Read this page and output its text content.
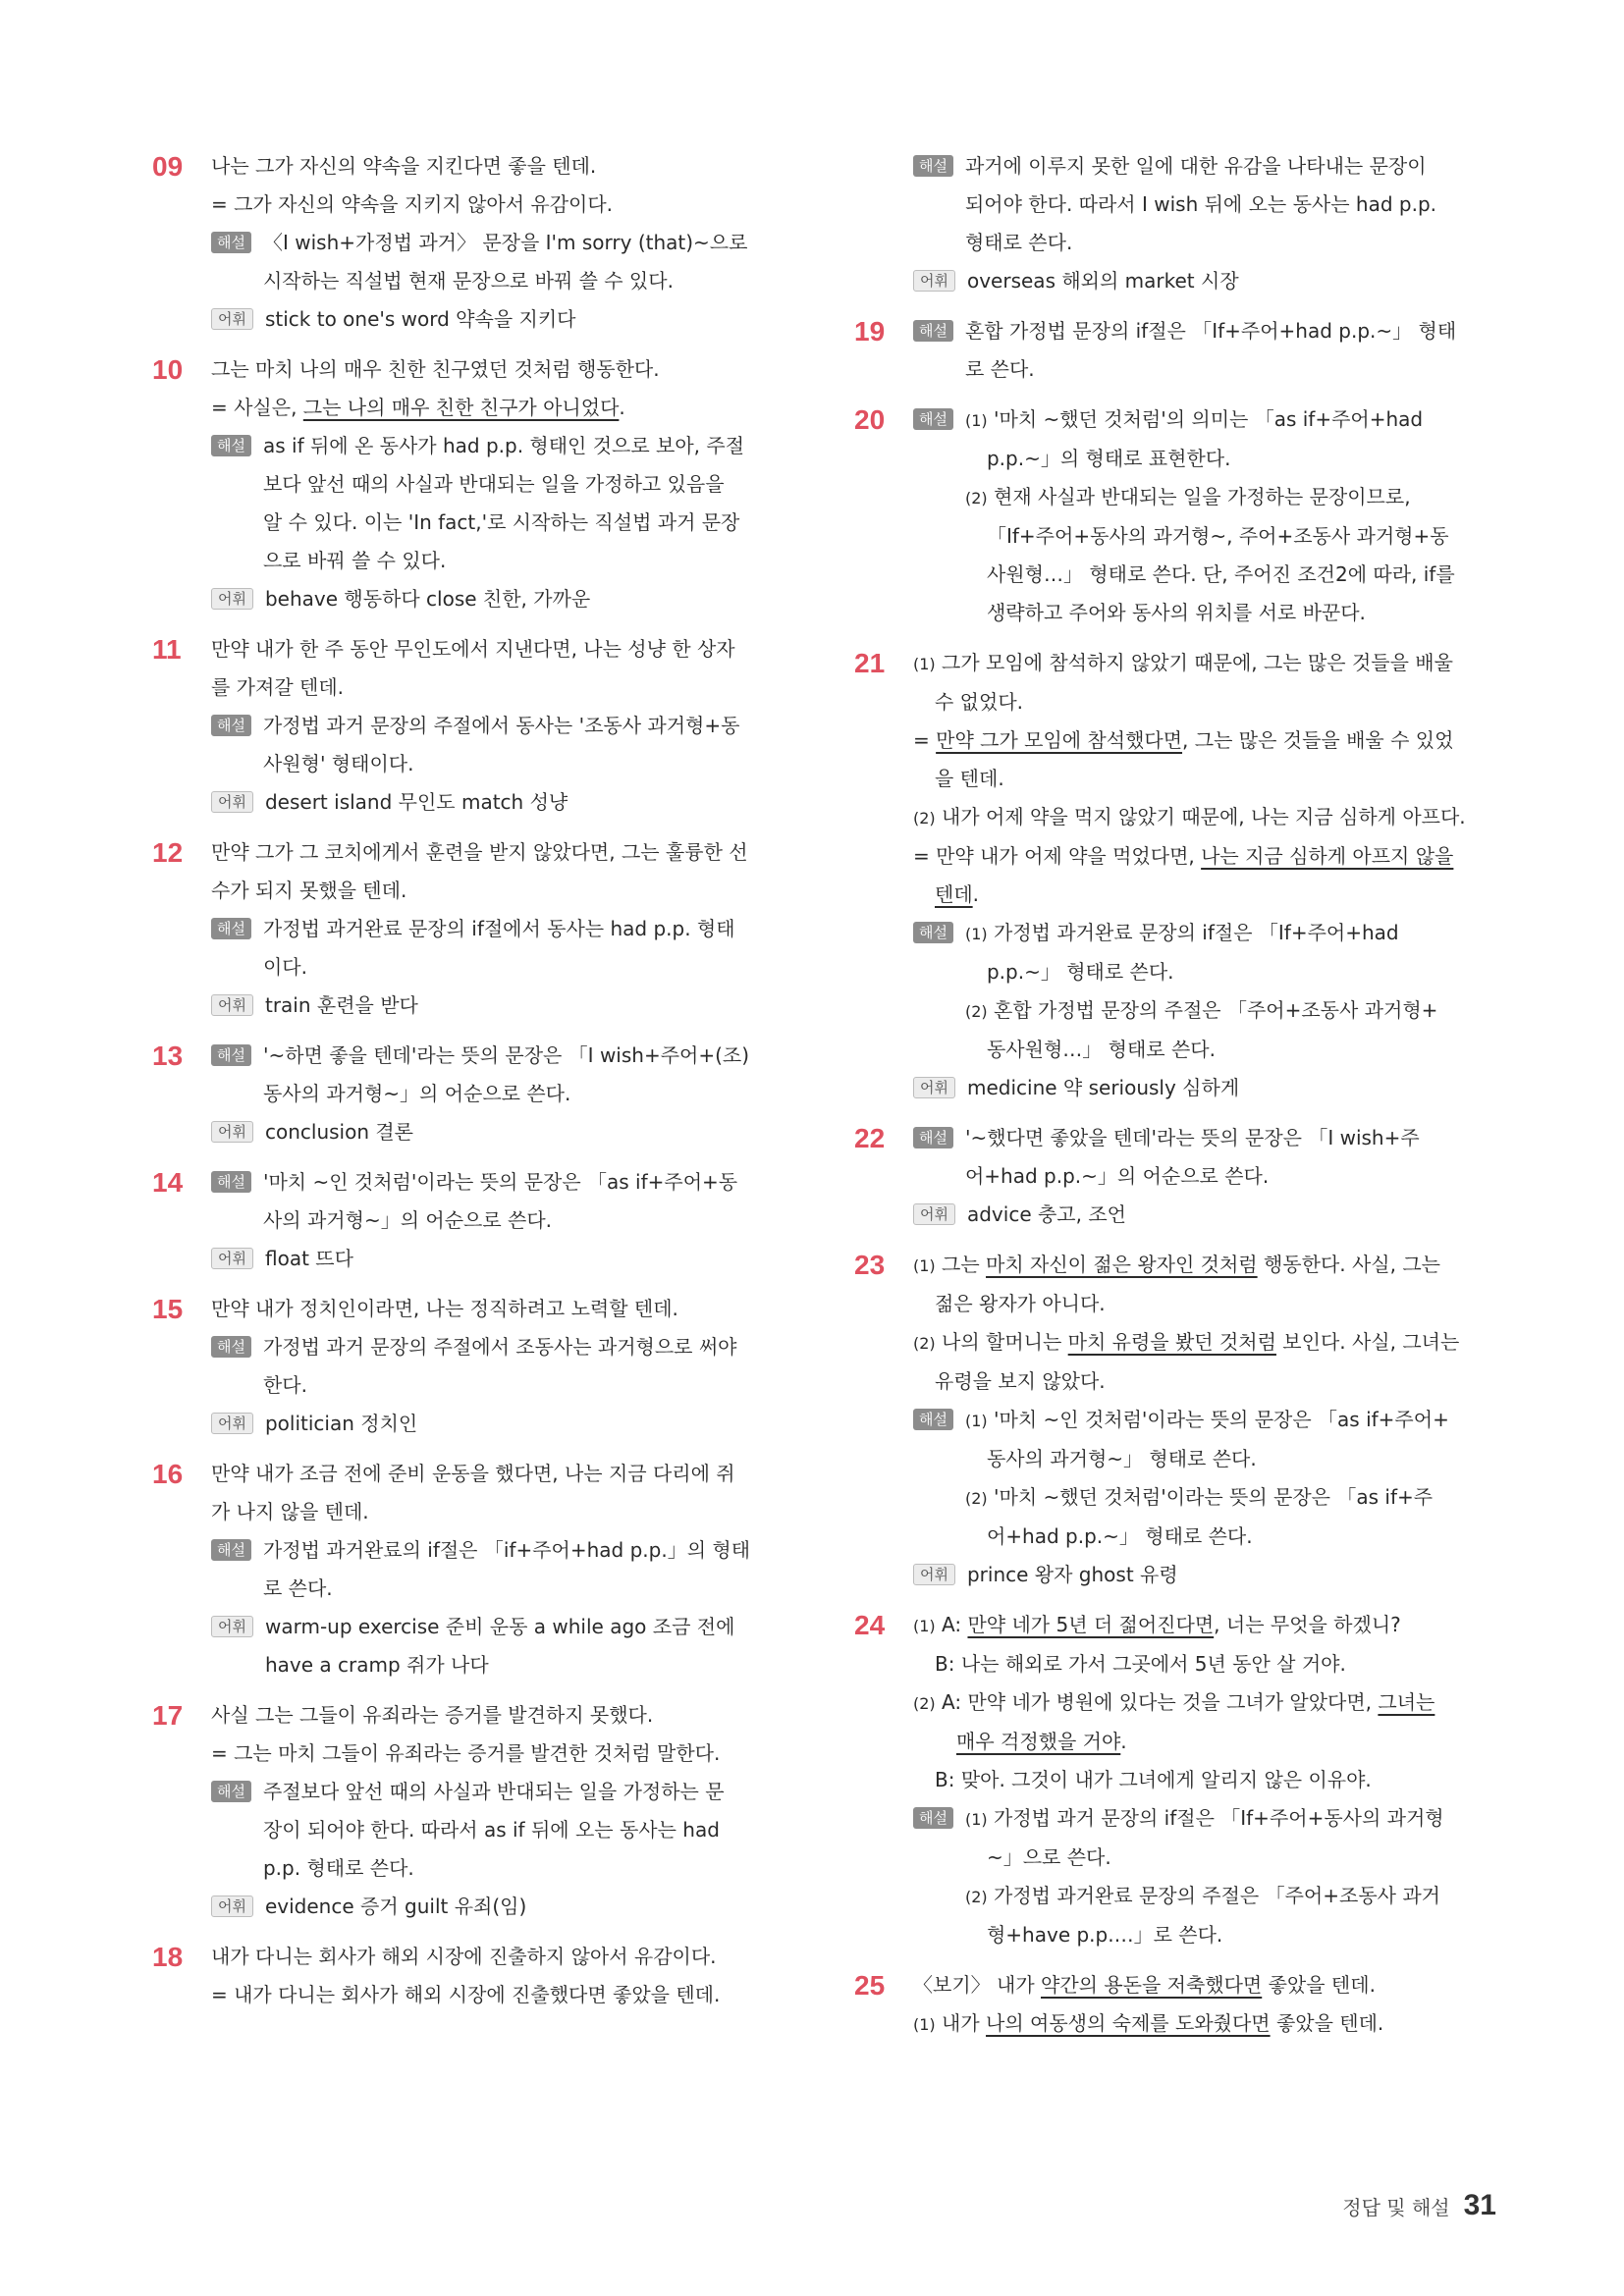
09	나는 그가 자신의 약속을 지킨다면 좋을 텐데.
= 그가 자신의 약속을 지키지 않아서 유감이다.
해설 〈I wish+가정법 과거〉 문장을 I'm sorry (that)~으로
시작하는 직설법 현재 문장으로 바꿔 쓸 수 있다.
어휘 stick to one's word 약속을 지키다
10	그는 마치 나의 매우 친한 친구였던 것처럼 행동한다.
= 사실은, 그는 나의 매우 친한 친구가 아니었다.
해설 as if 뒤에 온 동사가 had p.p. 형태인 것으로 보아, 주절
보다 앞선 때의 사실과 반대되는 일을 가정하고 있음을
알 수 있다. 이는 'In fact,'로 시작하는 직설법 과거 문장
으로 바꿔 쓸 수 있다.
어휘 behave 행동하다 close 친한, 가까운
11	만약 내가 한 주 동안 무인도에서 지낸다면, 나는 성냥 한 상자
를 가져갈 텐데.
해설 가정법 과거 문장의 주절에서 동사는 '조동사 과거형+동
사원형' 형태이다.
어휘 desert island 무인도 match 성냥
12	만약 그가 그 코치에게서 훈련을 받지 않았다면, 그는 훌륭한 선
수가 되지 못했을 텐데.
해설 가정법 과거완료 문장의 if절에서 동사는 had p.p. 형태
이다.
어휘 train 훈련을 받다
13	해설 '~하면 좋을 텐데'라는 뜻의 문장은 「I wish+주어+(조)
동사의 과거형~」의 어순으로 쓴다.
어휘 conclusion 결론
14	해설 '마치 ~인 것처럼'이라는 뜻의 문장은 「as if+주어+동
사의 과거형~」의 어순으로 쓴다.
어휘 float 뜨다
15	만약 내가 정치인이라면, 나는 정직하려고 노력할 텐데.
해설 가정법 과거 문장의 주절에서 조동사는 과거형으로 써야
한다.
어휘 politician 정치인
16	만약 내가 조금 전에 준비 운동을 했다면, 나는 지금 다리에 쥐
가 나지 않을 텐데.
해설 가정법 과거완료의 if절은 「if+주어+had p.p.」의 형태
로 쓴다.
어휘 warm-up exercise 준비 운동 a while ago 조금 전에
have a cramp 쥐가 나다
17	사실 그는 그들이 유죄라는 증거를 발견하지 못했다.
= 그는 마치 그들이 유죄라는 증거를 발견한 것처럼 말한다.
해설 주절보다 앞선 때의 사실과 반대되는 일을 가정하는 문
장이 되어야 한다. 따라서 as if 뒤에 오는 동사는 had
p.p. 형태로 쓴다.
어휘 evidence 증거 guilt 유죄(임)
18	내가 다니는 회사가 해외 시장에 진출하지 않아서 유감이다.
= 내가 다니는 회사가 해외 시장에 진출했다면 좋았을 텐데.
해설 과거에 이루지 못한 일에 대한 유감을 나타내는 문장이
되어야 한다. 따라서 I wish 뒤에 오는 동사는 had p.p.
형태로 쓴다.
어휘 overseas 해외의 market 시장
19	해설 혼합 가정법 문장의 if절은 「If+주어+had p.p.~」 형태
로 쓴다.
20	해설	(1) '마치 ~했던 것처럼'의 의미는 「as if+주어+had
p.p.~」의 형태로 표현한다.
(2) 현재 사실과 반대되는 일을 가정하는 문장이므로,
「If+주어+동사의 과거형~, 주어+조동사 과거형+동
사원형…」 형태로 쓴다. 단, 주어진 조건2에 따라, if를
생략하고 주어와 동사의 위치를 서로 바꾼다.
21	(1) 그가 모임에 참석하지 않았기 때문에, 그는 많은 것들을 배울
수 없었다.
= 만약 그가 모임에 참석했다면, 그는 많은 것들을 배울 수 있었
을 텐데.
(2) 내가 어제 약을 먹지 않았기 때문에, 나는 지금 심하게 아프다.
= 만약 내가 어제 약을 먹었다면, 나는 지금 심하게 아프지 않을
텐데.
해설	(1) 가정법 과거완료 문장의 if절은 「If+주어+had
p.p.~」 형태로 쓴다.
(2) 혼합 가정법 문장의 주절은 「주어+조동사 과거형+
동사원형…」 형태로 쓴다.
어휘 medicine 약 seriously 심하게
22	해설 '~했다면 좋았을 텐데'라는 뜻의 문장은 「I wish+주
어+had p.p.~」의 어순으로 쓴다.
어휘 advice 충고, 조언
23	(1) 그는 마치 자신이 젊은 왕자인 것처럼 행동한다. 사실, 그는
젊은 왕자가 아니다.
(2) 나의 할머니는 마치 유령을 봤던 것처럼 보인다. 사실, 그녀는
유령을 보지 않았다.
해설	(1) '마치 ~인 것처럼'이라는 뜻의 문장은 「as if+주어+
동사의 과거형~」 형태로 쓴다.
(2) '마치 ~했던 것처럼'이라는 뜻의 문장은 「as if+주
어+had p.p.~」 형태로 쓴다.
어휘 prince 왕자 ghost 유령
24	(1) A: 만약 네가 5년 더 젊어진다면, 너는 무엇을 하겠니?
B: 나는 해외로 가서 그곳에서 5년 동안 살 거야.
(2) A: 만약 네가 병원에 있다는 것을 그녀가 알았다면, 그녀는
매우 걱정했을 거야.
B: 맞아. 그것이 내가 그녀에게 알리지 않은 이유야.
해설	(1) 가정법 과거 문장의 if절은 「If+주어+동사의 과거형
~」으로 쓴다.
(2) 가정법 과거완료 문장의 주절은 「주어+조동사 과거
형+have p.p.…」로 쓴다.
25	〈보기〉 내가 약간의 용돈을 저축했다면 좋았을 텐데.
(1) 내가 나의 여동생의 숙제를 도와줬다면 좋았을 텐데.
정답 및 해설 31
